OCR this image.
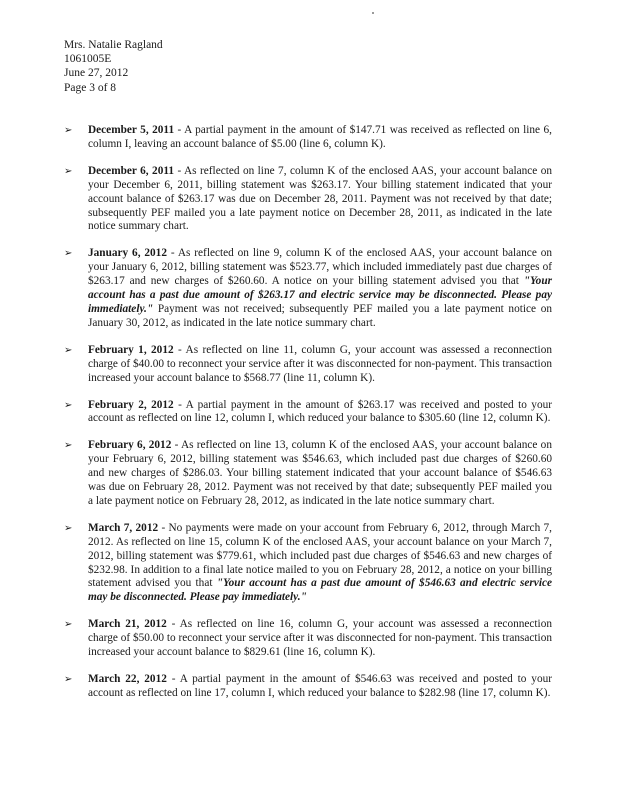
Mrs. Natalie Ragland
1061005E
June 27, 2012
Page 3 of 8
➢ December 5, 2011 - A partial payment in the amount of $147.71 was received as reflected on line 6, column I, leaving an account balance of $5.00 (line 6, column K).
➢ December 6, 2011 - As reflected on line 7, column K of the enclosed AAS, your account balance on your December 6, 2011, billing statement was $263.17. Your billing statement indicated that your account balance of $263.17 was due on December 28, 2011. Payment was not received by that date; subsequently PEF mailed you a late payment notice on December 28, 2011, as indicated in the late notice summary chart.
➢ January 6, 2012 - As reflected on line 9, column K of the enclosed AAS, your account balance on your January 6, 2012, billing statement was $523.77, which included immediately past due charges of $263.17 and new charges of $260.60. A notice on your billing statement advised you that "Your account has a past due amount of $263.17 and electric service may be disconnected. Please pay immediately." Payment was not received; subsequently PEF mailed you a late payment notice on January 30, 2012, as indicated in the late notice summary chart.
➢ February 1, 2012 - As reflected on line 11, column G, your account was assessed a reconnection charge of $40.00 to reconnect your service after it was disconnected for non-payment. This transaction increased your account balance to $568.77 (line 11, column K).
➢ February 2, 2012 - A partial payment in the amount of $263.17 was received and posted to your account as reflected on line 12, column I, which reduced your balance to $305.60 (line 12, column K).
➢ February 6, 2012 - As reflected on line 13, column K of the enclosed AAS, your account balance on your February 6, 2012, billing statement was $546.63, which included past due charges of $260.60 and new charges of $286.03. Your billing statement indicated that your account balance of $546.63 was due on February 28, 2012. Payment was not received by that date; subsequently PEF mailed you a late payment notice on February 28, 2012, as indicated in the late notice summary chart.
➢ March 7, 2012 - No payments were made on your account from February 6, 2012, through March 7, 2012. As reflected on line 15, column K of the enclosed AAS, your account balance on your March 7, 2012, billing statement was $779.61, which included past due charges of $546.63 and new charges of $232.98. In addition to a final late notice mailed to you on February 28, 2012, a notice on your billing statement advised you that "Your account has a past due amount of $546.63 and electric service may be disconnected. Please pay immediately."
➢ March 21, 2012 - As reflected on line 16, column G, your account was assessed a reconnection charge of $50.00 to reconnect your service after it was disconnected for non-payment. This transaction increased your account balance to $829.61 (line 16, column K).
➢ March 22, 2012 - A partial payment in the amount of $546.63 was received and posted to your account as reflected on line 17, column I, which reduced your balance to $282.98 (line 17, column K).
